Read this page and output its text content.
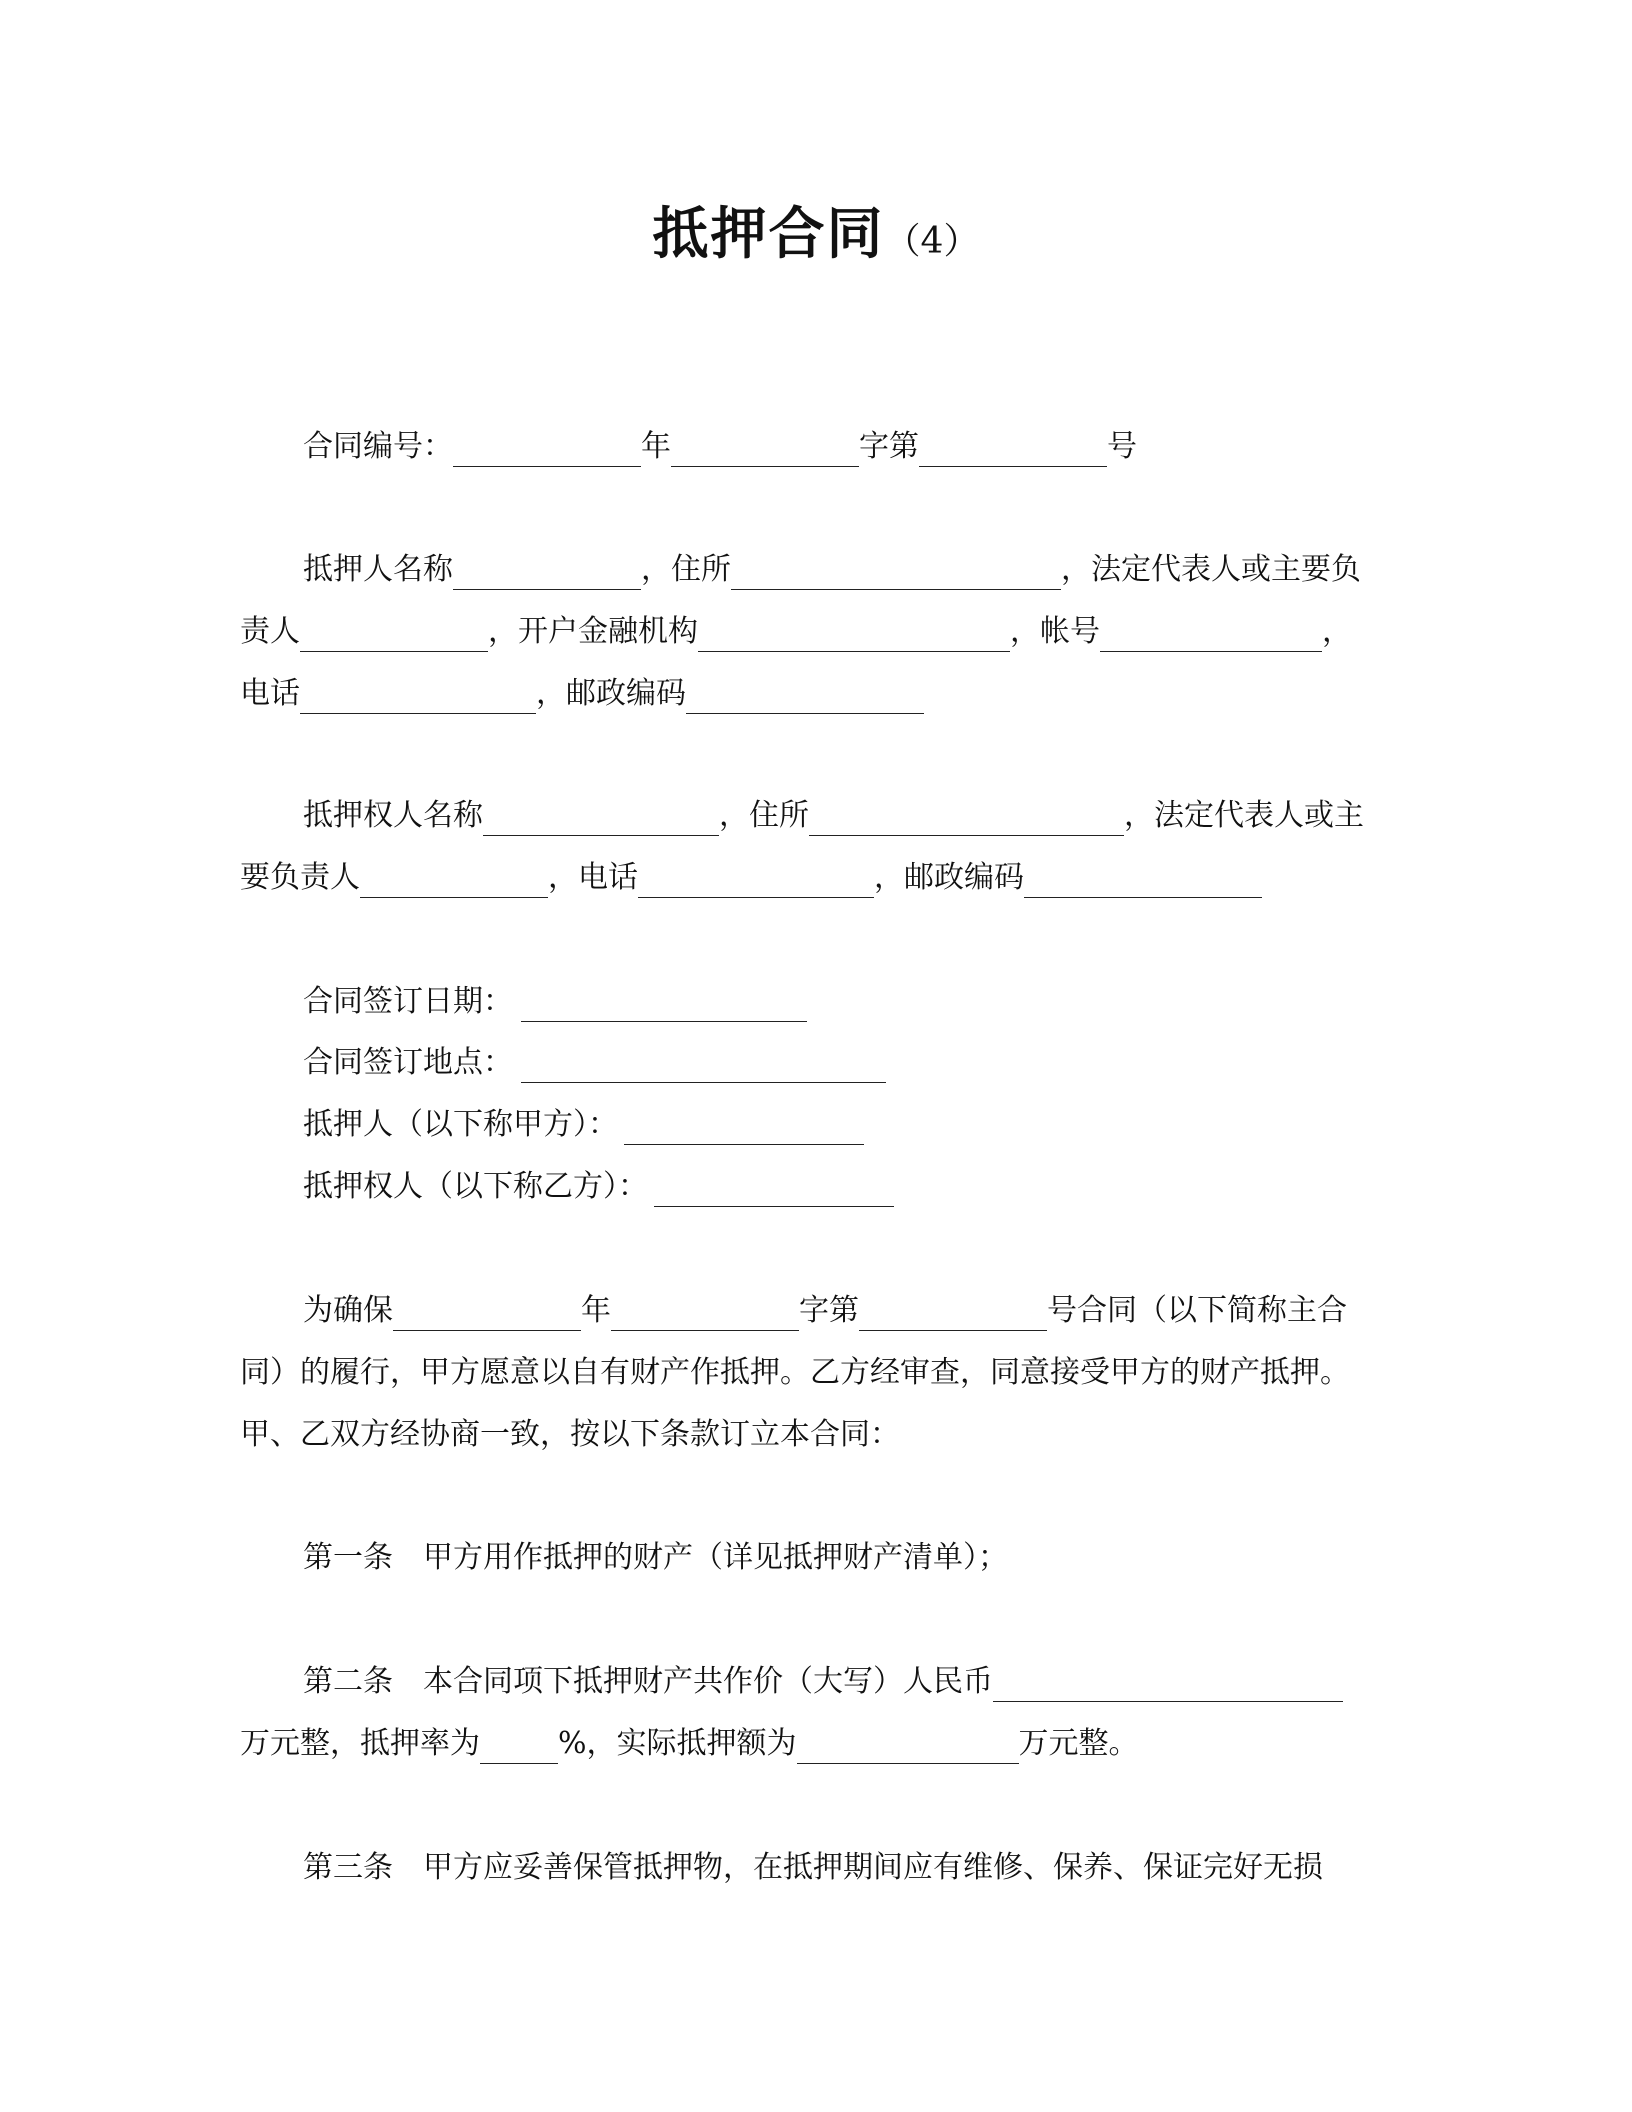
抵押合同（4）
合同编号：	年	字第	号
抵押人名称	，住所	，法定代表人或主要负
责人	，开户金融机构	，帐号	，
电话	，邮政编码
抵押权人名称	，住所	，法定代表人或主
要负责人	，电话	，邮政编码
合同签订日期：
合同签订地点：
抵押人（以下称甲方）：
抵押权人（以下称乙方）：
为确保	年	字第	号合同（以下简称主合
同）的履行，甲方愿意以自有财产作抵押。乙方经审查，同意接受甲方的财产抵押。
甲、乙双方经协商一致，按以下条款订立本合同：
第一条　甲方用作抵押的财产（详见抵押财产清单）；
第二条　本合同项下抵押财产共作价（大写）人民币
万元整，抵押率为	%，实际抵押额为	万元整。
第三条　甲方应妥善保管抵押物，在抵押期间应有维修、保养、保证完好无损
